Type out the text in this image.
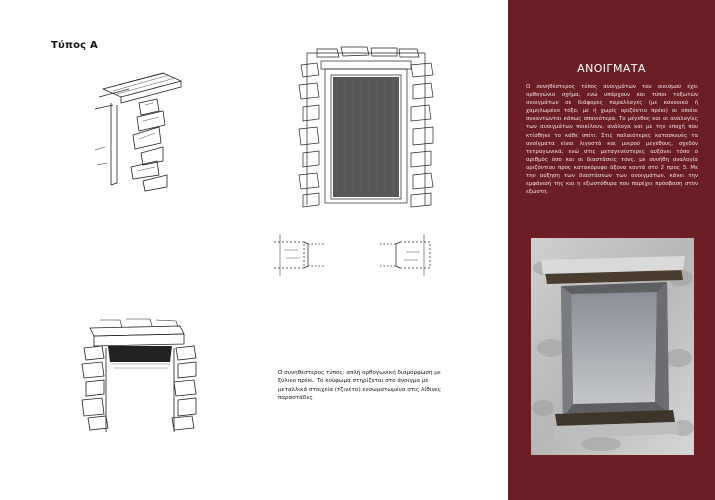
Τύπος Α
Ο συνηθέστερος τύπος: απλή ορθογωνική διαμόρφωση με ξύλινο πρέκι. Το κούφωμα στηρίζεται στο άνοιγμα με μεταλλικά στοιχεία (τζινέτα) ενσωματωμένα στις λίθινες παραστάδες.
ΑΝΟΙΓΜΑΤΑ
Ο συνηθέστερος τύπος ανοιγμάτων του οικισμού έχει ορθογώνιο σχήμα, ενώ υπάρχουν και τύποι τοξωτών ανοιγμάτων σε διάφορες παραλλαγές (με κανονικό ή χαμηλωμένο τόξο, με ή χωρίς οριζόντιο πρέκι) οι οποίοι συναντώνται κάπως σπανιότερα. Το μέγεθος και οι αναλογίες των ανοιγμάτων ποικίλουν, ανάλογα και με την εποχή που κτίσθηκε το κάθε σπίτι. Στις παλαιότερες κατασκευές τα ανοίγματα είναι λιγοστά και μικρού μεγέθους, σχεδόν τετραγωνικά, ενώ στις μεταγενέστερες αυξάνει τόσο ο αριθμός όσο και οι διαστάσεις τους, με συνήθη αναλογία οριζόντιου προς κατακόρυφο άξονα κοντά στο 2 προς 3. Με την αύξηση των διαστάσεων των ανοιγμάτων, κάνει την εμφάνισή της και η εξωστόθυρα που παρέχει πρόσβαση στον εξώστη.
